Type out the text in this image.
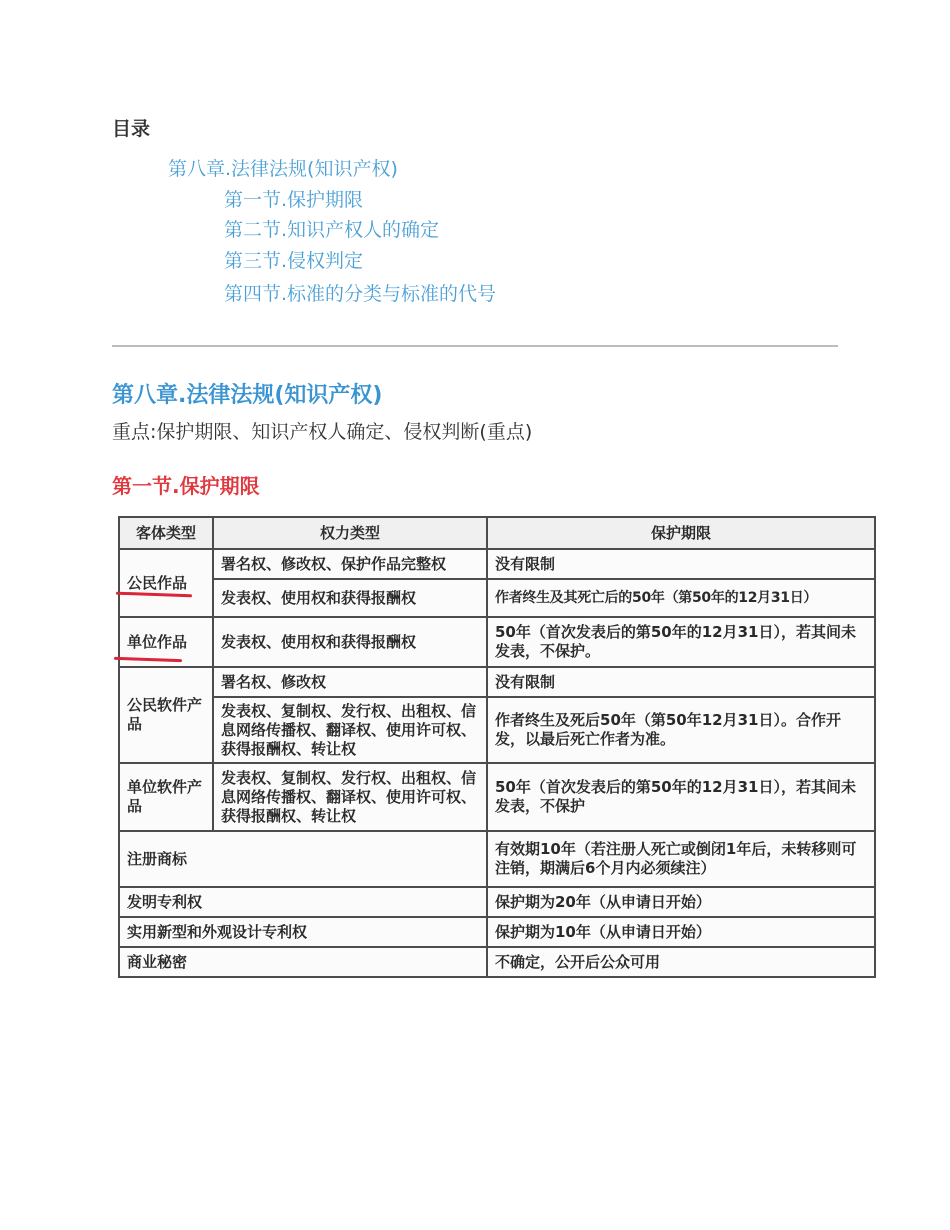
目录
第八章.法律法规(知识产权)
第一节.保护期限
第二节.知识产权人的确定
第三节.侵权判定
第四节.标准的分类与标准的代号
第八章.法律法规(知识产权)
重点:保护期限、知识产权人确定、侵权判断(重点)
第一节.保护期限
客体类型	权力类型	保护期限
公民作品	署名权、修改权、保护作品完整权	没有限制
	发表权、使用权和获得报酬权	作者终生及其死亡后的50年（第50年的12月31日）
单位作品	发表权、使用权和获得报酬权	50年（首次发表后的第50年的12月31日），若其间未发表，不保护。
公民软件产品	署名权、修改权	没有限制
	发表权、复制权、发行权、出租权、信息网络传播权、翻译权、使用许可权、获得报酬权、转让权	作者终生及死后50年（第50年12月31日）。合作开发，以最后死亡作者为准。
单位软件产品	发表权、复制权、发行权、出租权、信息网络传播权、翻译权、使用许可权、获得报酬权、转让权	50年（首次发表后的第50年的12月31日），若其间未发表，不保护
注册商标		有效期10年（若注册人死亡或倒闭1年后，未转移则可注销，期满后6个月内必须续注）
发明专利权		保护期为20年（从申请日开始）
实用新型和外观设计专利权		保护期为10年（从申请日开始）
商业秘密		不确定，公开后公众可用
